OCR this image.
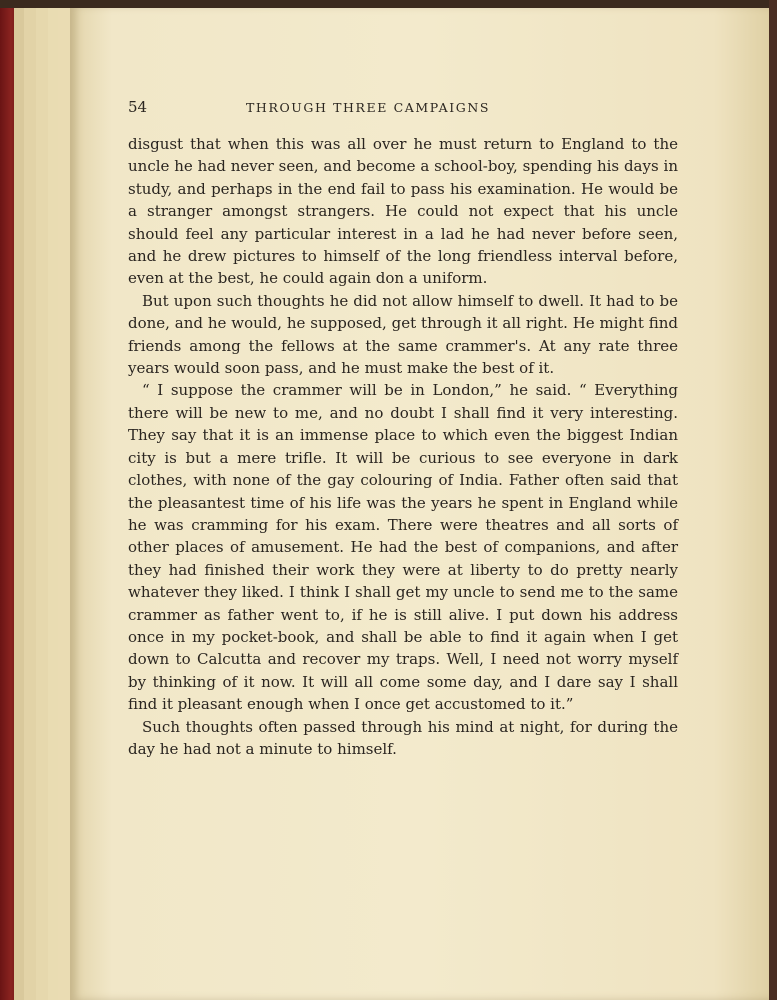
54	THROUGH THREE CAMPAIGNS

disgust that when this was all over he must return to England to the uncle he had never seen, and become a school-boy, spending his days in study, and perhaps in the end fail to pass his examination. He would be a stranger amongst strangers. He could not expect that his uncle should feel any particular interest in a lad he had never before seen, and he drew pictures to himself of the long friendless interval before, even at the best, he could again don a uniform.

But upon such thoughts he did not allow himself to dwell. It had to be done, and he would, he supposed, get through it all right. He might find friends among the fellows at the same crammer's. At any rate three years would soon pass, and he must make the best of it.

“ I suppose the crammer will be in London,” he said. “ Everything there will be new to me, and no doubt I shall find it very interesting. They say that it is an immense place to which even the biggest Indian city is but a mere trifle. It will be curious to see everyone in dark clothes, with none of the gay colouring of India. Father often said that the pleasantest time of his life was the years he spent in England while he was cramming for his exam. There were theatres and all sorts of other places of amusement. He had the best of companions, and after they had finished their work they were at liberty to do pretty nearly whatever they liked. I think I shall get my uncle to send me to the same crammer as father went to, if he is still alive. I put down his address once in my pocket-book, and shall be able to find it again when I get down to Calcutta and recover my traps. Well, I need not worry myself by thinking of it now. It will all come some day, and I dare say I shall find it pleasant enough when I once get accustomed to it.”

Such thoughts often passed through his mind at night, for during the day he had not a minute to himself.
